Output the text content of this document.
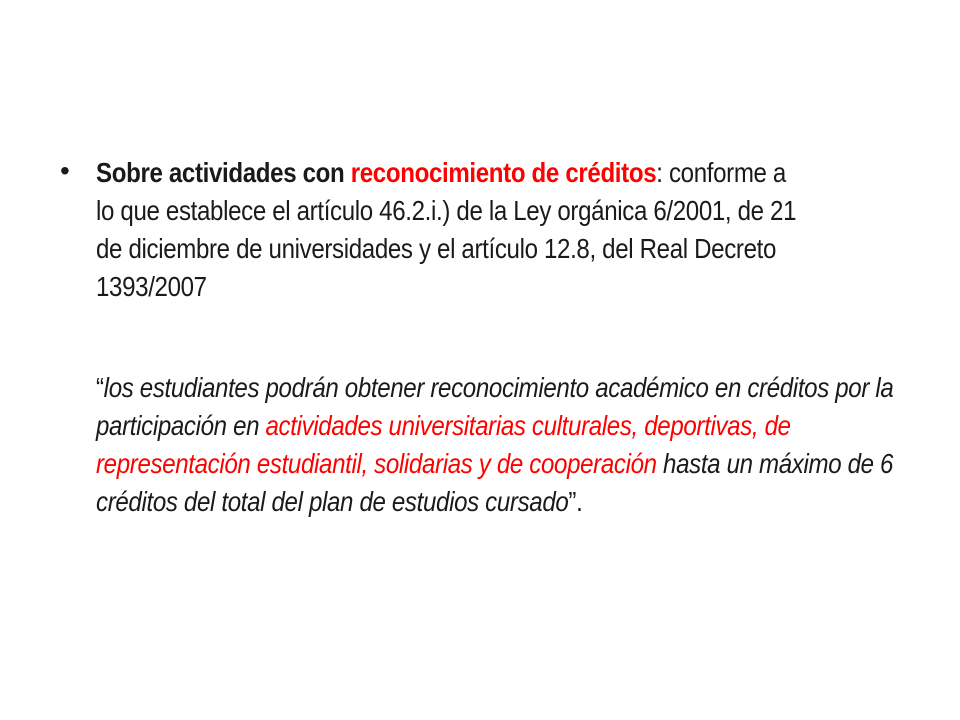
• Sobre actividades con reconocimiento de créditos: conforme a lo que establece el artículo 46.2.i.) de la Ley orgánica 6/2001, de 21 de diciembre de universidades y el artículo 12.8, del Real Decreto 1393/2007
“los estudiantes podrán obtener reconocimiento académico en créditos por la participación en actividades universitarias culturales, deportivas, de representación estudiantil, solidarias y de cooperación hasta un máximo de 6 créditos del total del plan de estudios cursado”.
